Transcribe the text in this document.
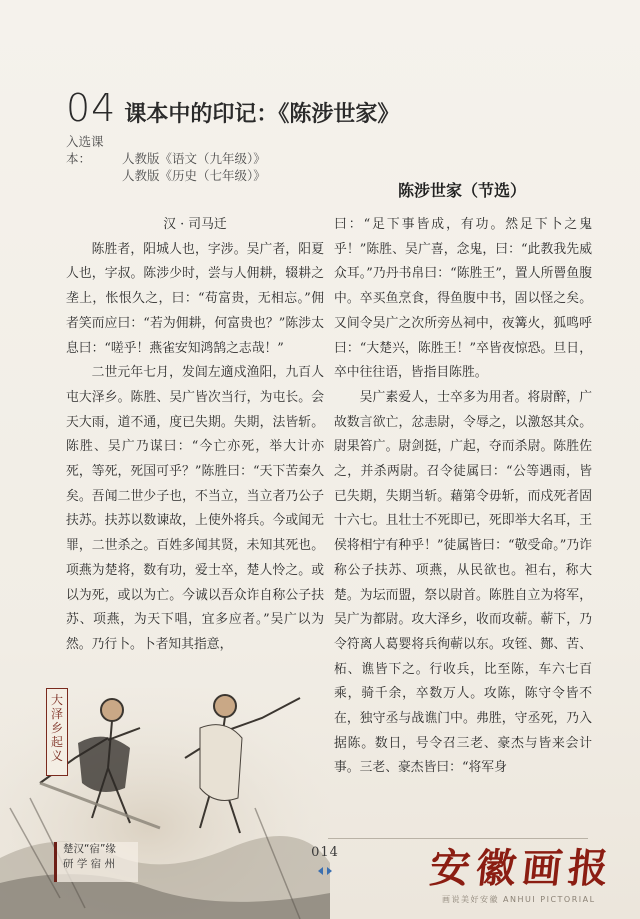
04 课本中的印记：《陈涉世家》
入选课本： 人教版《语文（九年级）》
人教版《历史（七年级）》
陈涉世家（节选）

汉 · 司马迁

陈胜者，阳城人也，字涉。吴广者，阳夏人也，字叔。陈涉少时，尝与人佣耕，辍耕之垄上，怅恨久之，曰：“苟富贵，无相忘。”佣者笑而应曰：“若为佣耕，何富贵也？”陈涉太息曰：“嗟乎！燕雀安知鸿鹄之志哉！”

二世元年七月，发闾左適戍渔阳，九百人屯大泽乡。陈胜、吴广皆次当行，为屯长。会天大雨，道不通，度已失期。失期，法皆斩。陈胜、吴广乃谋曰：“今亡亦死，举大计亦死，等死，死国可乎？”陈胜曰：“天下苦秦久矣。吾闻二世少子也，不当立，当立者乃公子扶苏。扶苏以数谏故，上使外将兵。今或闻无罪，二世杀之。百姓多闻其贤，未知其死也。项燕为楚将，数有功，爱士卒，楚人怜之。或以为死，或以为亡。今诚以吾众诈自称公子扶苏、项燕，为天下唱，宜多应者。”吴广以为然。乃行卜。卜者知其指意，

曰：“足下事皆成，有功。然足下卜之鬼乎！”陈胜、吴广喜，念鬼，曰：“此教我先威众耳。”乃丹书帛曰：“陈胜王”，置人所罾鱼腹中。卒买鱼烹食，得鱼腹中书，固以怪之矣。又间令吴广之次所旁丛祠中，夜篝火，狐鸣呼曰：“大楚兴，陈胜王！”卒皆夜惊恐。旦日，卒中往往语，皆指目陈胜。

吴广素爱人，士卒多为用者。将尉醉，广故数言欲亡，忿恚尉，令辱之，以激怒其众。尉果笞广。尉剑挺，广起，夺而杀尉。陈胜佐之，并杀两尉。召令徒属曰：“公等遇雨，皆已失期，失期当斩。藉第令毋斩，而戍死者固十六七。且壮士不死即已，死即举大名耳，王侯将相宁有种乎！”徒属皆曰：“敬受命。”乃诈称公子扶苏、项燕，从民欲也。袒右，称大楚。为坛而盟，祭以尉首。陈胜自立为将军，吴广为都尉。攻大泽乡，收而攻蕲。蕲下，乃令符离人葛婴将兵徇蕲以东。攻铚、酂、苦、柘、谯皆下之。行收兵，比至陈，车六七百乘，骑千余，卒数万人。攻陈，陈守令皆不在，独守丞与战谯门中。弗胜，守丞死，乃入据陈。数日，号令召三老、豪杰与皆来会计事。三老、豪杰皆曰：“将军身

大泽乡起义
楚汉“宿”缘
研 学 宿 州
014 安徽画报
画说美好安徽 ANHUI PICTORIAL
